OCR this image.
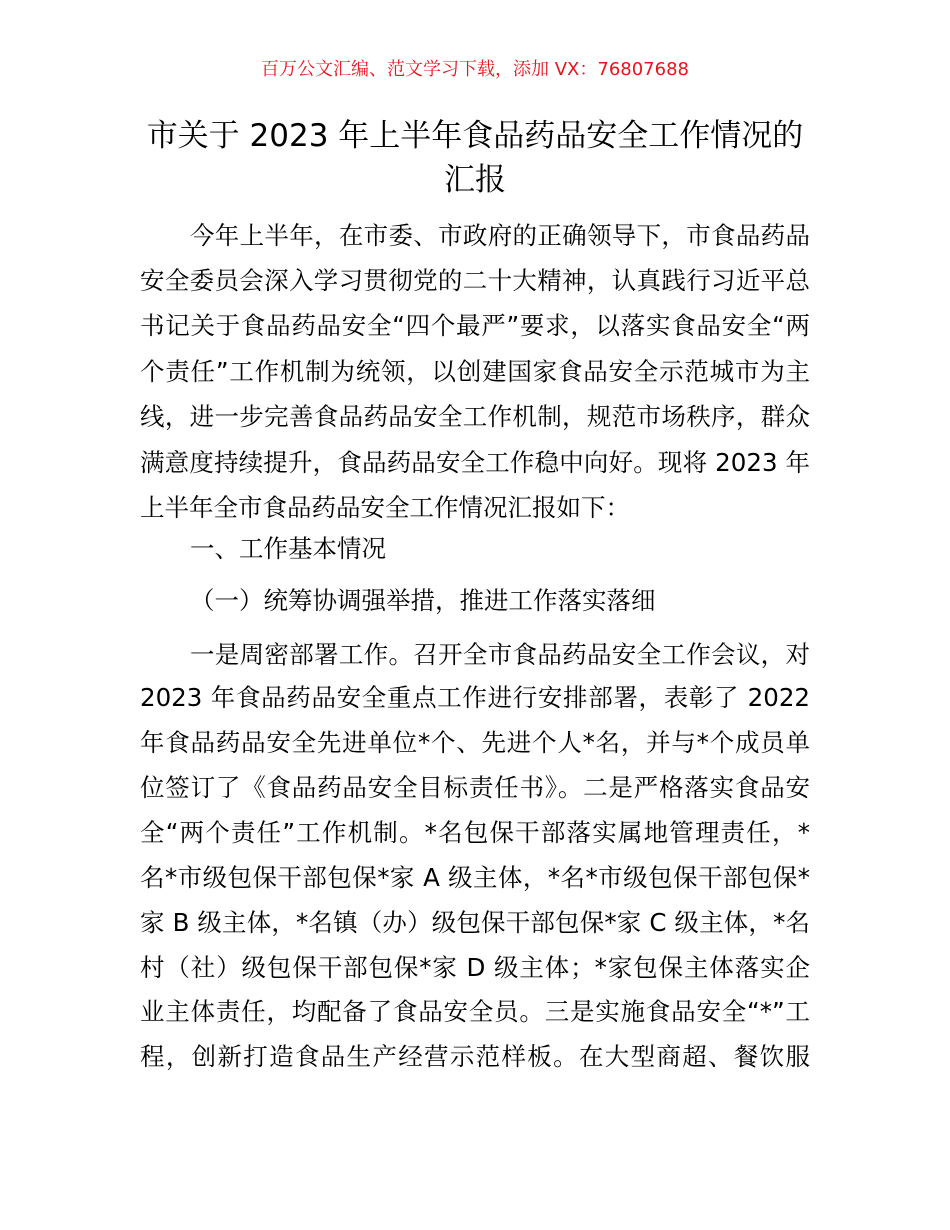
百万公文汇编、范文学习下载，添加 VX：76807688
市关于 2023 年上半年食品药品安全工作情况的
汇报
今年上半年，在市委、市政府的正确领导下，市食品药品
安全委员会深入学习贯彻党的二十大精神，认真践行习近平总
书记关于食品药品安全“四个最严”要求，以落实食品安全“两
个责任”工作机制为统领，以创建国家食品安全示范城市为主
线，进一步完善食品药品安全工作机制，规范市场秩序，群众
满意度持续提升，食品药品安全工作稳中向好。现将 2023 年
上半年全市食品药品安全工作情况汇报如下：
一、工作基本情况
（一）统筹协调强举措，推进工作落实落细
一是周密部署工作。召开全市食品药品安全工作会议，对
2023 年食品药品安全重点工作进行安排部署，表彰了 2022
年食品药品安全先进单位*个、先进个人*名，并与*个成员单
位签订了《食品药品安全目标责任书》。二是严格落实食品安
全“两个责任”工作机制。*名包保干部落实属地管理责任，*
名*市级包保干部包保*家 A 级主体，*名*市级包保干部包保*
家 B 级主体，*名镇（办）级包保干部包保*家 C 级主体，*名
村（社）级包保干部包保*家 D 级主体；*家包保主体落实企
业主体责任，均配备了食品安全员。三是实施食品安全“*”工
程，创新打造食品生产经营示范样板。在大型商超、餐饮服
